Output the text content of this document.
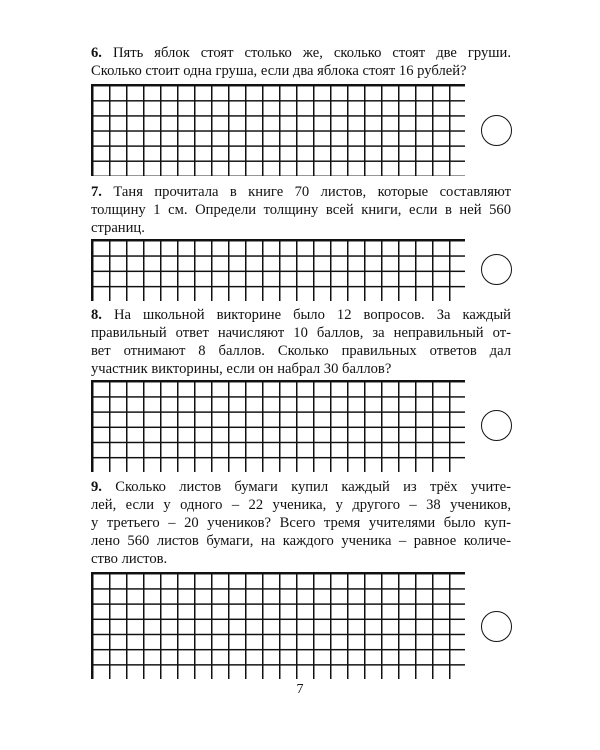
6. Пять яблок стоят столько же, сколько стоят две груши.
Сколько стоит одна груша, если два яблока стоят 16 рублей?
7. Таня прочитала в книге 70 листов, которые составляют
толщину 1 см. Определи толщину всей книги, если в ней 560
страниц.
8. На школьной викторине было 12 вопросов. За каждый
правильный ответ начисляют 10 баллов, за неправильный от-
вет отнимают 8 баллов. Сколько правильных ответов дал
участник викторины, если он набрал 30 баллов?
9. Сколько листов бумаги купил каждый из трёх учите-
лей, если у одного – 22 ученика, у другого – 38 учеников,
у третьего – 20 учеников? Всего тремя учителями было куп-
лено 560 листов бумаги, на каждого ученика – равное количе-
ство листов.
7
